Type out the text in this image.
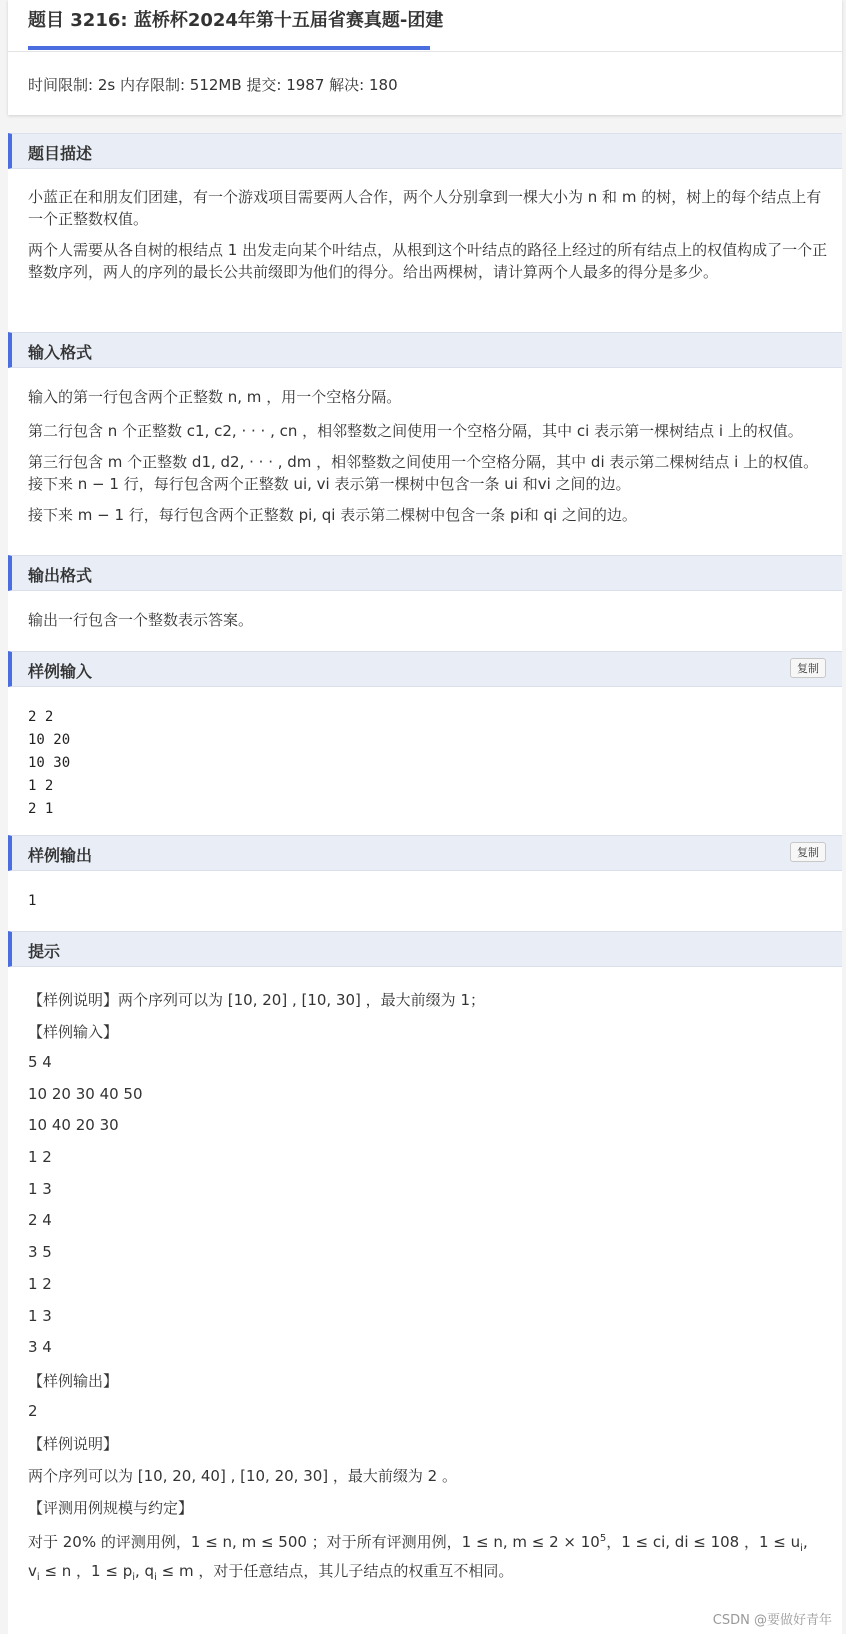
题目 3216: 蓝桥杯2024年第十五届省赛真题-团建
时间限制: 2s 内存限制: 512MB 提交: 1987 解决: 180
题目描述
小蓝正在和朋友们团建，有一个游戏项目需要两人合作，两个人分别拿到一棵大小为 n 和 m 的树，树上的每个结点上有一个正整数权值。
两个人需要从各自树的根结点 1 出发走向某个叶结点，从根到这个叶结点的路径上经过的所有结点上的权值构成了一个正整数序列，两人的序列的最长公共前缀即为他们的得分。给出两棵树，请计算两个人最多的得分是多少。
输入格式
输入的第一行包含两个正整数 n, m ，用一个空格分隔。
第二行包含 n 个正整数 c1, c2, · · · , cn ，相邻整数之间使用一个空格分隔，其中 ci 表示第一棵树结点 i 上的权值。
第三行包含 m 个正整数 d1, d2, · · · , dm ，相邻整数之间使用一个空格分隔，其中 di 表示第二棵树结点 i 上的权值。接下来 n − 1 行，每行包含两个正整数 ui, vi 表示第一棵树中包含一条 ui 和vi 之间的边。
接下来 m − 1 行，每行包含两个正整数 pi, qi 表示第二棵树中包含一条 pi和 qi 之间的边。
输出格式
输出一行包含一个整数表示答案。
样例输入	复制
2 2
10 20
10 30
1 2
2 1
样例输出	复制
1
提示
【样例说明】两个序列可以为 [10, 20] , [10, 30] ，最大前缀为 1；
【样例输入】
5 4
10 20 30 40 50
10 40 20 30
1 2
1 3
2 4
3 5
1 2
1 3
3 4
【样例输出】
2
【样例说明】
两个序列可以为 [10, 20, 40] , [10, 20, 30] ，最大前缀为 2 。
【评测用例规模与约定】
对于 20% 的评测用例，1 ≤ n, m ≤ 500 ；对于所有评测用例，1 ≤ n, $m \le 2 \times 10^5$，1 ≤ ci, di ≤ 108 ，$1 \le u_i$, $v_i \le n$ ，$1 \le p_i$, $q_i \le m$ ，对于任意结点，其儿子结点的权重互不相同。
CSDN @要做好青年
